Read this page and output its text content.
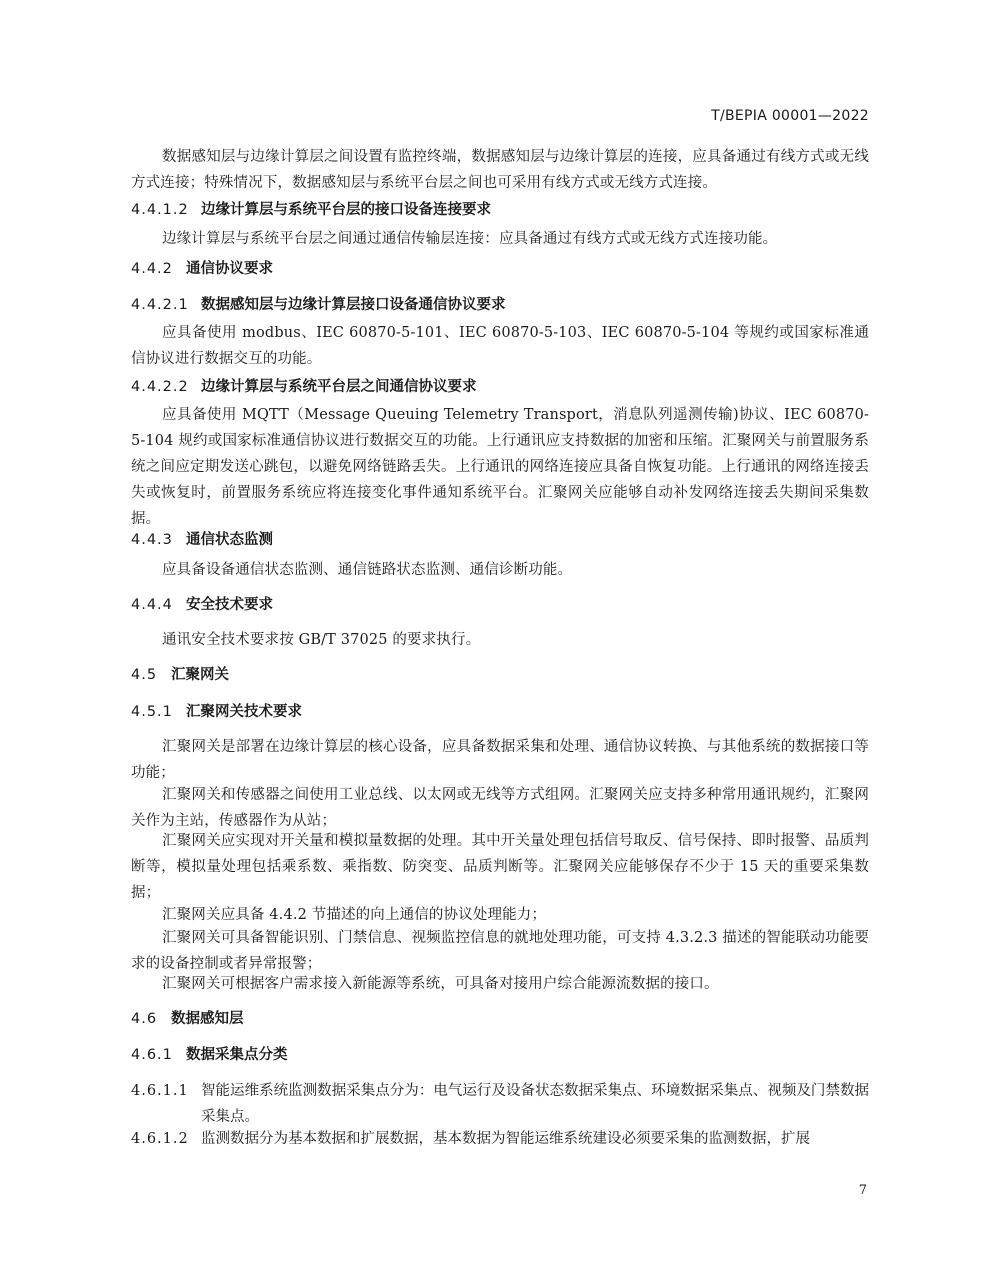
T/BEPIA 00001—2022
数据感知层与边缘计算层之间设置有监控终端，数据感知层与边缘计算层的连接，应具备通过有线方式或无线方式连接；特殊情况下，数据感知层与系统平台层之间也可采用有线方式或无线方式连接。
4.4.1.2 边缘计算层与系统平台层的接口设备连接要求
边缘计算层与系统平台层之间通过通信传输层连接：应具备通过有线方式或无线方式连接功能。
4.4.2 通信协议要求
4.4.2.1 数据感知层与边缘计算层接口设备通信协议要求
应具备使用 modbus、IEC 60870-5-101、IEC 60870-5-103、IEC 60870-5-104 等规约或国家标准通信协议进行数据交互的功能。
4.4.2.2 边缘计算层与系统平台层之间通信协议要求
应具备使用 MQTT（Message Queuing Telemetry Transport，消息队列遥测传输)协议、IEC 60870-5-104 规约或国家标准通信协议进行数据交互的功能。上行通讯应支持数据的加密和压缩。汇聚网关与前置服务系统之间应定期发送心跳包，以避免网络链路丢失。上行通讯的网络连接应具备自恢复功能。上行通讯的网络连接丢失或恢复时，前置服务系统应将连接变化事件通知系统平台。汇聚网关应能够自动补发网络连接丢失期间采集数据。
4.4.3 通信状态监测
应具备设备通信状态监测、通信链路状态监测、通信诊断功能。
4.4.4 安全技术要求
通讯安全技术要求按 GB/T 37025 的要求执行。
4.5 汇聚网关
4.5.1 汇聚网关技术要求
汇聚网关是部署在边缘计算层的核心设备，应具备数据采集和处理、通信协议转换、与其他系统的数据接口等功能；
汇聚网关和传感器之间使用工业总线、以太网或无线等方式组网。汇聚网关应支持多种常用通讯规约，汇聚网关作为主站，传感器作为从站；
汇聚网关应实现对开关量和模拟量数据的处理。其中开关量处理包括信号取反、信号保持、即时报警、品质判断等，模拟量处理包括乘系数、乘指数、防突变、品质判断等。汇聚网关应能够保存不少于 15 天的重要采集数据；
汇聚网关应具备 4.4.2 节描述的向上通信的协议处理能力；
汇聚网关可具备智能识别、门禁信息、视频监控信息的就地处理功能，可支持 4.3.2.3 描述的智能联动功能要求的设备控制或者异常报警；
汇聚网关可根据客户需求接入新能源等系统，可具备对接用户综合能源流数据的接口。
4.6 数据感知层
4.6.1 数据采集点分类
4.6.1.1 智能运维系统监测数据采集点分为：电气运行及设备状态数据采集点、环境数据采集点、视频及门禁数据采集点。
4.6.1.2 监测数据分为基本数据和扩展数据，基本数据为智能运维系统建设必须要采集的监测数据，扩展
7
